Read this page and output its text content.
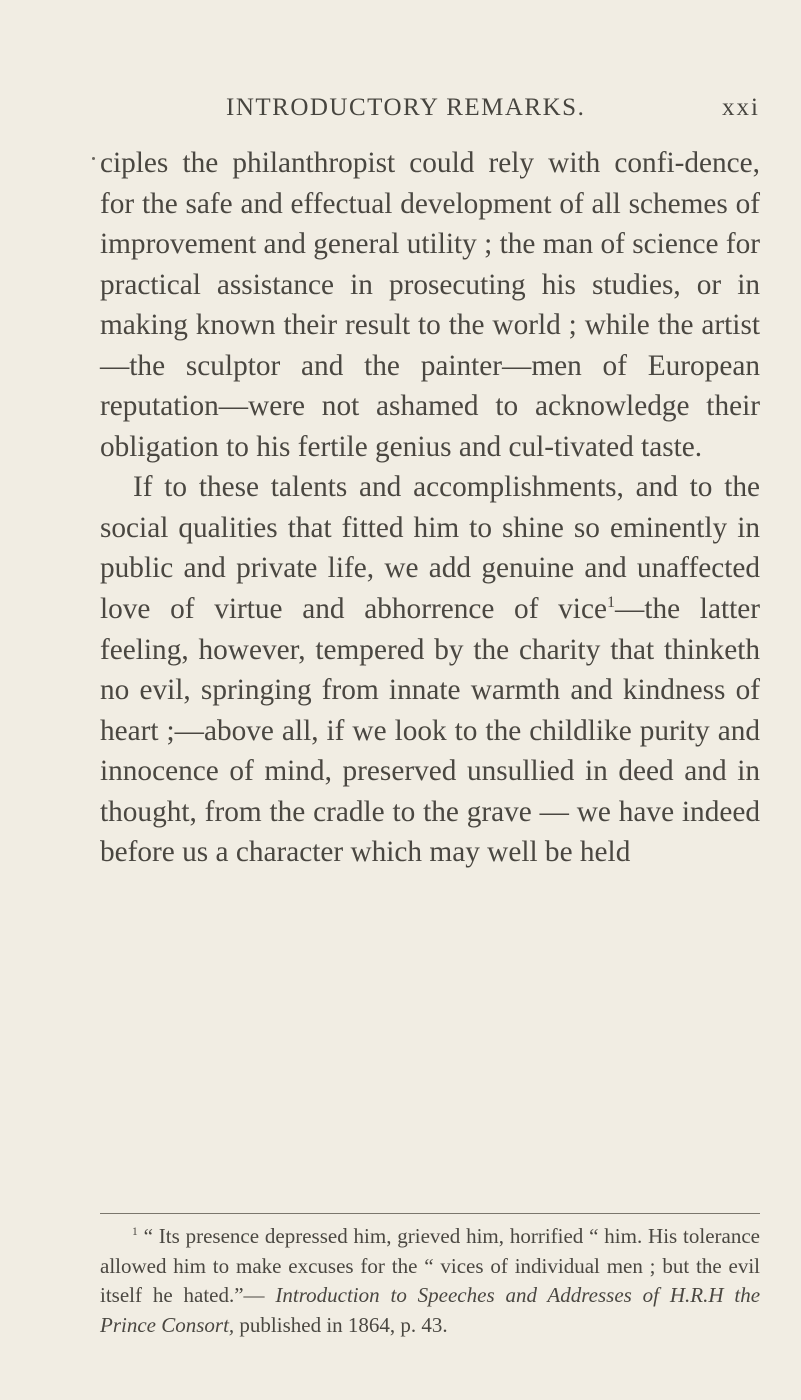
INTRODUCTORY REMARKS.	xxi

ciples the philanthropist could rely with confi-dence, for the safe and effectual development of all schemes of improvement and general utility ; the man of science for practical assistance in prosecuting his studies, or in making known their result to the world ; while the artist—the sculptor and the painter—men of European reputation—were not ashamed to acknowledge their obligation to his fertile genius and cul-tivated taste.

If to these talents and accomplishments, and to the social qualities that fitted him to shine so eminently in public and private life, we add genuine and unaffected love of virtue and abhorrence of vice$^1$—the latter feeling, however, tempered by the charity that thinketh no evil, springing from innate warmth and kindness of heart ;—above all, if we look to the childlike purity and innocence of mind, preserved unsullied in deed and in thought, from the cradle to the grave — we have indeed before us a character which may well be held

$^1$ “ Its presence depressed him, grieved him, horrified “ him. His tolerance allowed him to make excuses for the “ vices of individual men ; but the evil itself he hated.”— Introduction to Speeches and Addresses of H.R.H the Prince Consort, published in 1864, p. 43.
